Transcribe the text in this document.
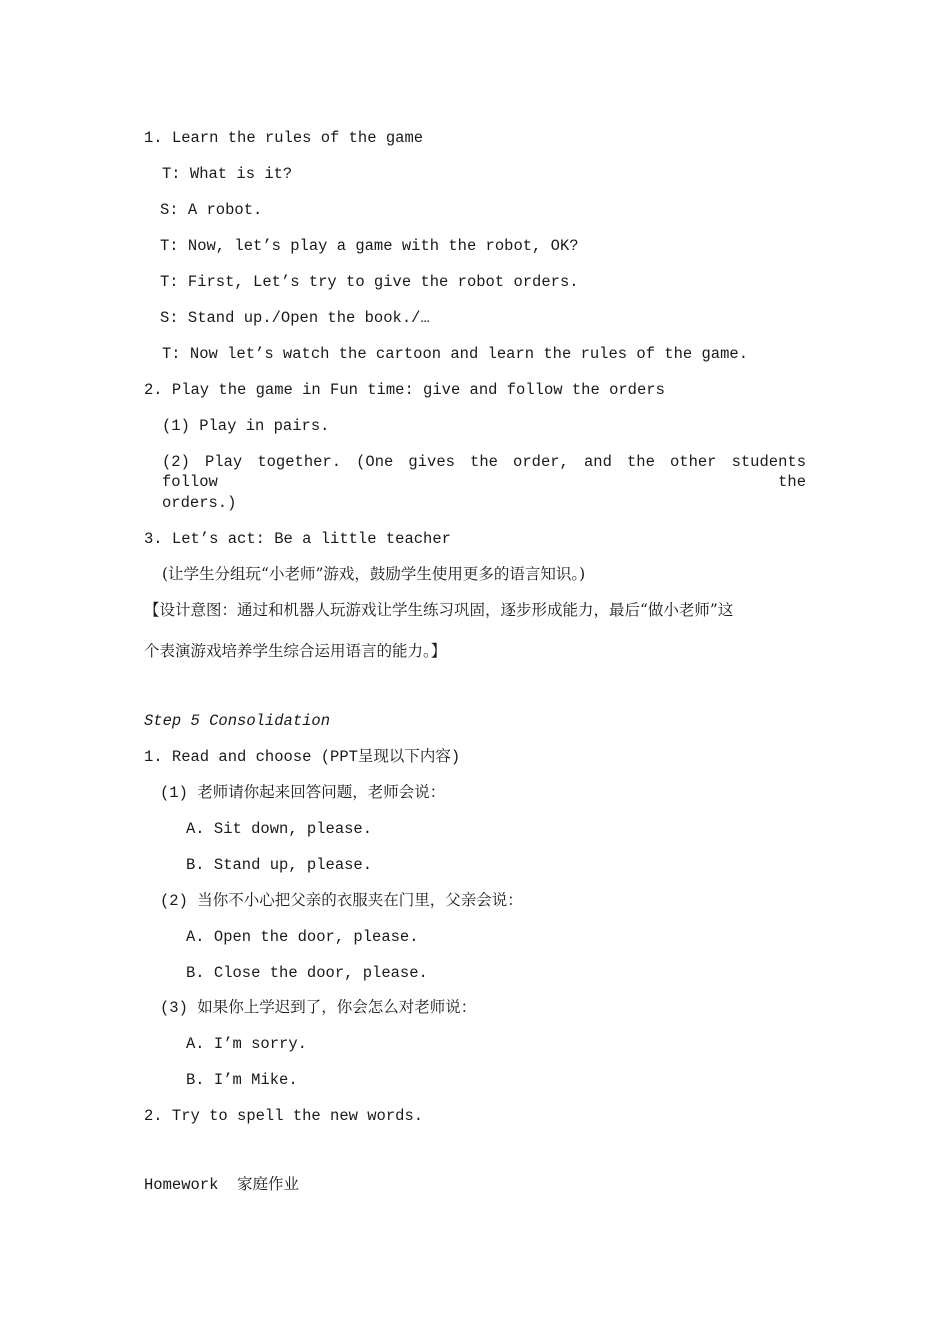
1. Learn the rules of the game
T: What is it?
S: A robot.
T: Now, let’s play a game with the robot, OK?
T: First, Let’s try to give the robot orders.
S: Stand up./Open the book./…
T: Now let’s watch the cartoon and learn the rules of the game.
2. Play the game in Fun time: give and follow the orders
(1) Play in pairs.
(2) Play together. (One gives the order, and the other students follow the
orders.)
3. Let’s act: Be a little teacher
(让学生分组玩“小老师”游戏，鼓励学生使用更多的语言知识。)
【设计意图：通过和机器人玩游戏让学生练习巩固，逐步形成能力，最后“做小老师”这
个表演游戏培养学生综合运用语言的能力。】
Step 5 Consolidation
1. Read and choose (PPT呈现以下内容)
(1) 老师请你起来回答问题，老师会说：
A. Sit down, please.
B. Stand up, please.
(2) 当你不小心把父亲的衣服夹在门里，父亲会说：
A. Open the door, please.
B. Close the door, please.
(3) 如果你上学迟到了，你会怎么对老师说：
A. I’m sorry.
B. I’m Mike.
2. Try to spell the new words.
Homework  家庭作业
